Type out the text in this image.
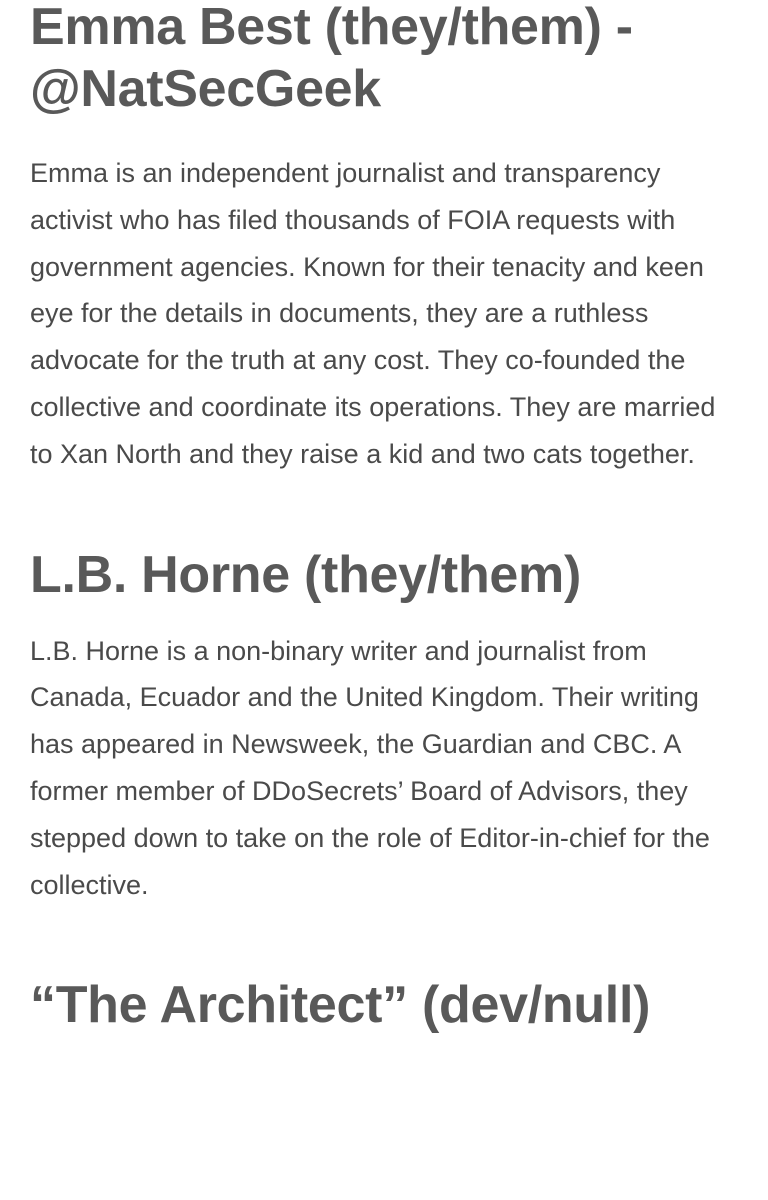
Emma Best (they/them) - @NatSecGeek

Emma is an independent journalist and transparency activist who has filed thousands of FOIA requests with government agencies. Known for their tenacity and keen eye for the details in documents, they are a ruthless advocate for the truth at any cost. They co-founded the collective and coordinate its operations. They are married to Xan North and they raise a kid and two cats together.

L.B. Horne (they/them)

L.B. Horne is a non-binary writer and journalist from Canada, Ecuador and the United Kingdom. Their writing has appeared in Newsweek, the Guardian and CBC. A former member of DDoSecrets’ Board of Advisors, they stepped down to take on the role of Editor-in-chief for the collective.

“The Architect” (dev/null)
